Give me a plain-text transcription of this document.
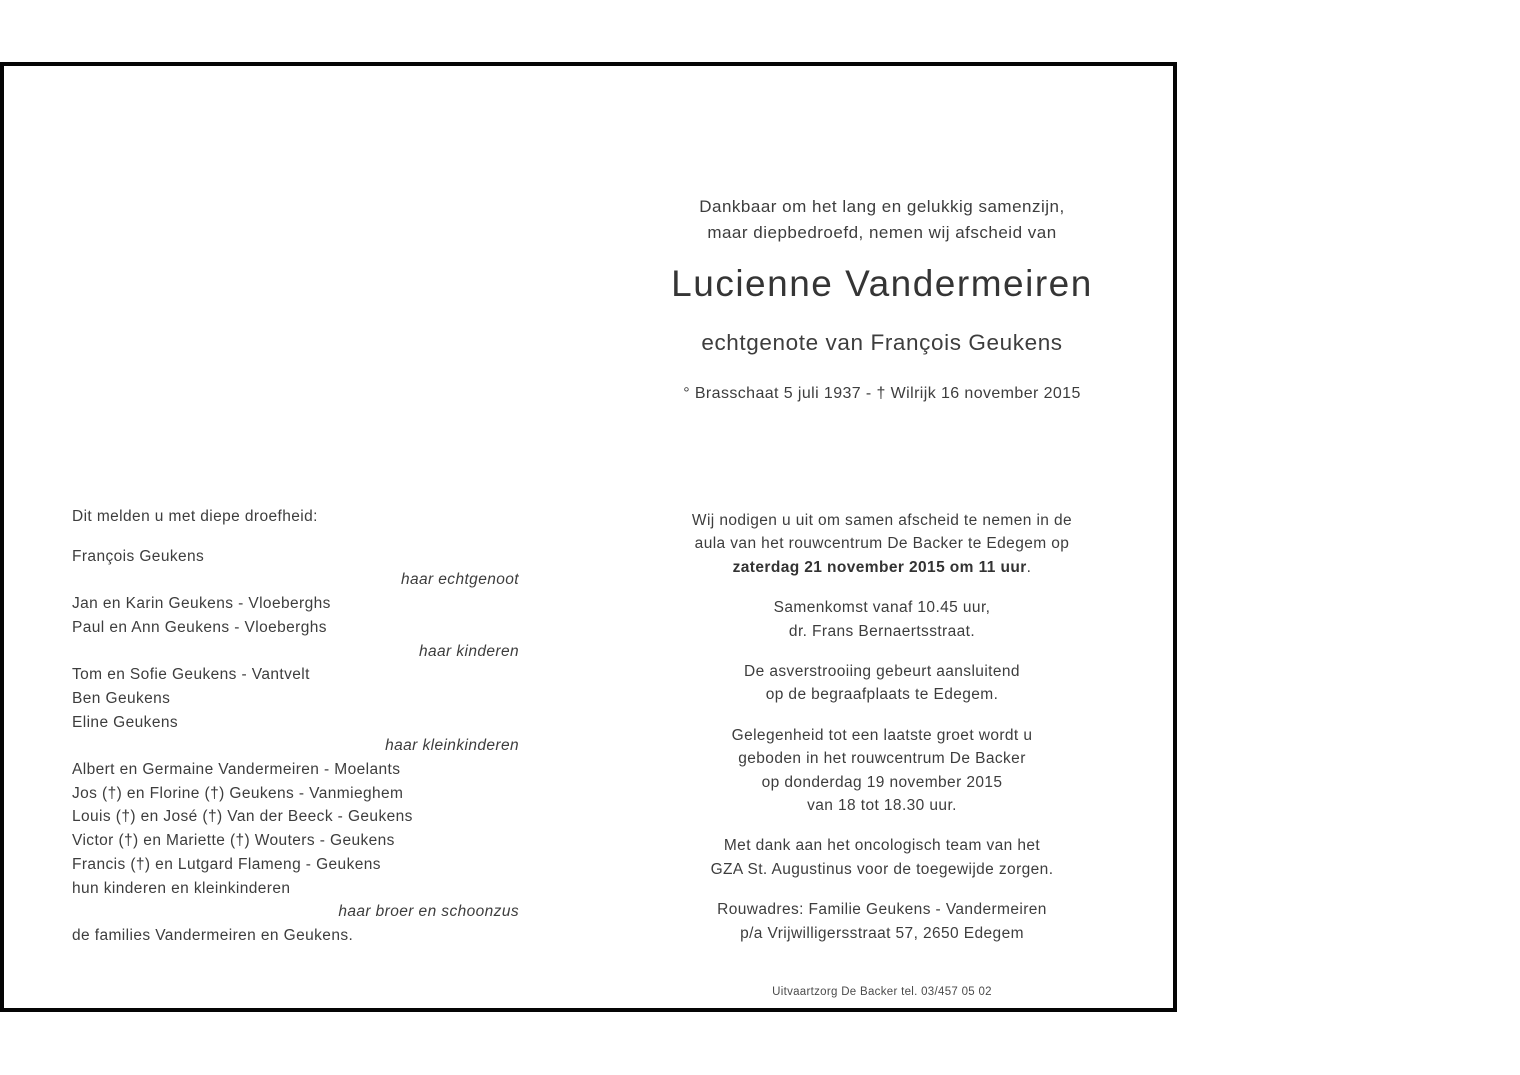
Dankbaar om het lang en gelukkig samenzijn,
maar diepbedroefd, nemen wij afscheid van
Lucienne Vandermeiren
echtgenote van François Geukens
° Brasschaat 5 juli 1937 - † Wilrijk 16 november 2015
Dit melden u met diepe droefheid:
François Geukens
haar echtgenoot
Jan en Karin Geukens - Vloeberghs
Paul en Ann Geukens - Vloeberghs
haar kinderen
Tom en Sofie Geukens - Vantvelt
Ben Geukens
Eline Geukens
haar kleinkinderen
Albert en Germaine Vandermeiren - Moelants
Jos (†) en Florine (†) Geukens - Vanmieghem
Louis (†) en José (†) Van der Beeck - Geukens
Victor (†) en Mariette (†) Wouters - Geukens
Francis (†) en Lutgard Flameng - Geukens
hun kinderen en kleinkinderen
haar broer en schoonzus
de families Vandermeiren en Geukens.

Wij nodigen u uit om samen afscheid te nemen in de
aula van het rouwcentrum De Backer te Edegem op
zaterdag 21 november 2015 om 11 uur.

Samenkomst vanaf 10.45 uur,
dr. Frans Bernaertsstraat.

De asverstrooiing gebeurt aansluitend
op de begraafplaats te Edegem.

Gelegenheid tot een laatste groet wordt u
geboden in het rouwcentrum De Backer
op donderdag 19 november 2015
van 18 tot 18.30 uur.

Met dank aan het oncologisch team van het
GZA St. Augustinus voor de toegewijde zorgen.

Rouwadres: Familie Geukens - Vandermeiren
p/a Vrijwilligersstraat 57, 2650 Edegem

Uitvaartzorg De Backer tel. 03/457 05 02
